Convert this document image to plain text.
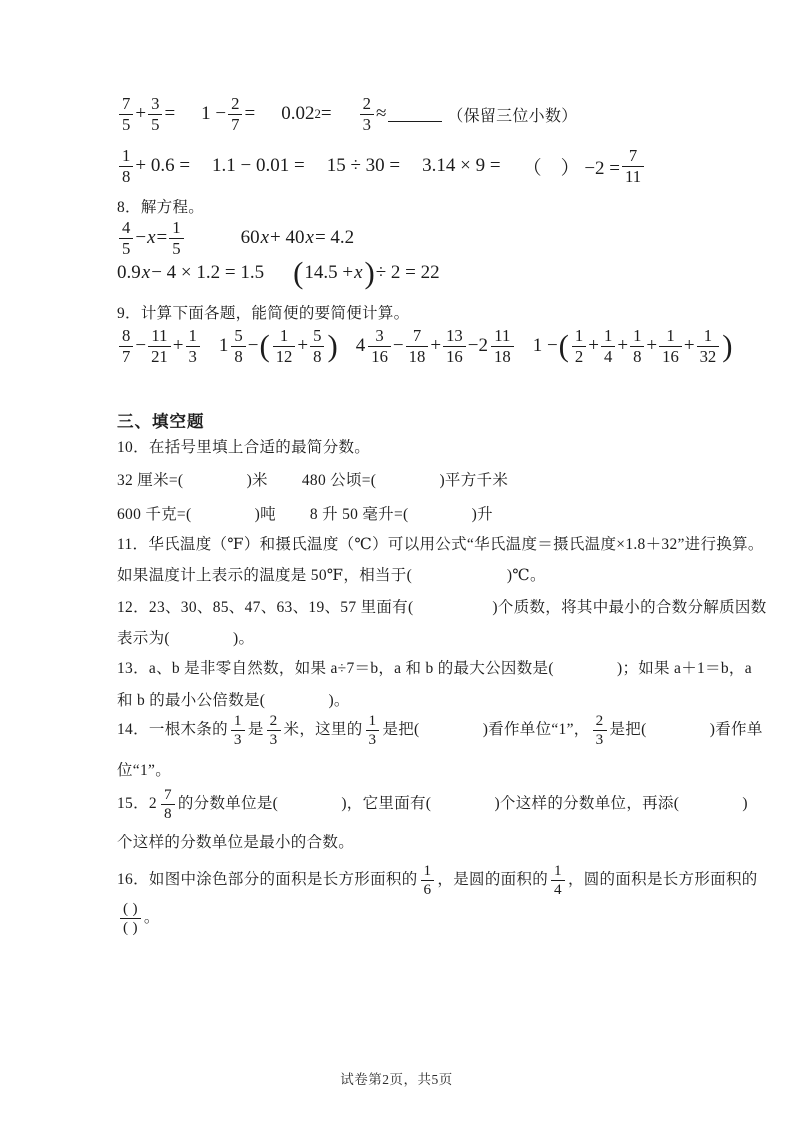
$\frac{7}{5} + \frac{3}{5} = 1 - \frac{2}{7} = 0.02$ $2 = \frac{2}{3}$ ≈	（保留三位小数）
$\frac{1}{8} + 0.6 = 1.1 - 0.01 = 15 \div 30 = 3.14 \times 9$ = （　） $-2 = \frac{7}{11}$
8．解方程。
$\frac{4}{5} - x = \frac{1}{5}$	60 x + 40 x = 4.2
0.9 x − 4 × 1.2 = 1.5 ( 14.5 + x ) ÷ 2 = 22
9．计算下面各题，能简便的要简便计算。
$\frac{8}{7} - \frac{11}{21} + \frac{1}{3} 1 \frac{5}{8}$ − ( $\frac{1}{12} + \frac{5}{8}$ ) $4 \frac{3}{16} - \frac{7}{18} + \frac{13}{16} - 2 \frac{11}{18} 1$ − ( $\frac{1}{2} + \frac{1}{4} + \frac{1}{8} + \frac{1}{16} + \frac{1}{32}$ )
三、填空题
10．在括号里填上合适的最简分数。
32 厘米=(　　　　)米 480 公顷=(　　　　)平方千米
600 千克=(　　　　)吨 8 升 50 毫升=(　　　　)升
11．华氏温度（℉）和摄氏温度（℃）可以用公式“华氏温度＝摄氏温度×1.8＋32”进行换算。
如果温度计上表示的温度是 50℉，相当于(　　　　　　)℃。
12．23、30、85、47、63、19、57 里面有(　　　　　)个质数，将其中最小的合数分解质因数
表示为(　　　　)。
13．a、b 是非零自然数，如果 a÷7＝b，a 和 b 的最大公因数是(　　　　)；如果 a＋1＝b，a
和 b 的最小公倍数是(　　　　)。
14．一根木条的 $\frac{1}{3}$ 是 $\frac{2}{3}$ 米，这里的 $\frac{1}{3}$ 是把(　　　　)看作单位“1”， $\frac{2}{3}$ 是把(　　　　)看作单
位“1”。
15． $2 \frac{7}{8}$ 的分数单位是(　　　　)，它里面有(　　　　)个这样的分数单位，再添(　　　　)
个这样的分数单位是最小的合数。
16．如图中涂色部分的面积是长方形面积的 $\frac{1}{6}$ ，是圆的面积的 $\frac{1}{4}$ ，圆的面积是长方形面积的
$\frac{( )}{( )}$ 。
试卷第2页，共5页
